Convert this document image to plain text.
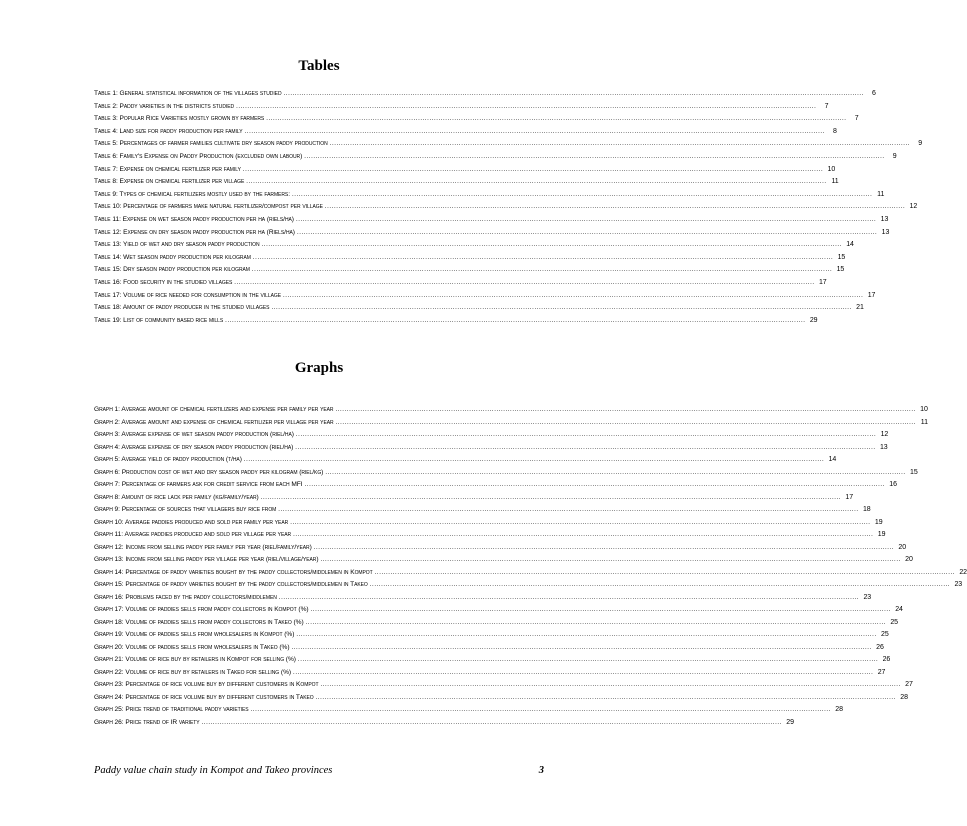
Tables
Table 1: General statistical information of the villages studied .....	6
Table 2: Paddy varieties in the districts studied .....	7
Table 3: Popular Rice Varieties mostly grown by farmers .....	7
Table 4: Land size for paddy production per family .....	8
Table 5: Percentages of farmer families cultivate dry season paddy production .....	9
Table 6: Family's Expense on Paddy Production (excluded own labour) .....	9
Table 7: Expense on chemical fertilizer per family .....	10
Table 8: Expense on chemical fertilizer per village .....	11
Table 9: Types of chemical fertilizers mostly used by the farmers: .....	11
Table 10: Percentage of farmers make natural fertilizer/compost per village .....	12
Table 11: Expense on wet season paddy production per ha (riels/ha) .....	13
Table 12: Expense on dry season paddy production per ha (Riels/ha) .....	13
Table 13: Yield of wet and dry season paddy production .....	14
Table 14: Wet season paddy production per kilogram .....	15
Table 15: Dry season paddy production per kilogram .....	15
Table 16: Food security in the studied villages .....	17
Table 17: Volume of rice needed for consumption in the village .....	17
Table 18: Amount of paddy producer in the studied villages .....	21
Table 19: List of community based rice mills .....	29
Graphs
Graph 1: Average amount of chemical fertilizers and expense per family per year .....	10
Graph 2: Average amount and expense of chemical fertilizer per village per year .....	11
Graph 3: Average expense of wet season paddy production (riel/ha) .....	12
Graph 4: Average expense of dry season paddy production (riel/ha) .....	13
Graph 5: Average yield of paddy production (t/ha) .....	14
Graph 6: Production cost of wet and dry season paddy per kilogram (riel/kg) .....	15
Graph 7: Percentage of farmers ask for credit service from each MFI .....	16
Graph 8: Amount of rice lack per family (kg/family/year) .....	17
Graph 9: Percentage of sources that villagers buy rice from .....	18
Graph 10: Average paddies produced and sold per family per year .....	19
Graph 11: Average paddies produced and sold per village per year .....	19
Graph 12: Income from selling paddy per family per year (riel/family/year) .....	20
Graph 13: Income from selling paddy per village per year (riel/village/year) .....	20
Graph 14: Percentage of paddy varieties bought by the paddy collectors/middlemen in Kompot .....	22
Graph 15: Percentage of paddy varieties bought by the paddy collectors/middlemen in Takeo .....	23
Graph 16: Problems faced by the paddy collectors/middlemen .....	23
Graph 17: Volume of paddies sells from paddy collectors in Kompot (%) .....	24
Graph 18: Volume of paddies sells from paddy collectors in Takeo (%) .....	25
Graph 19: Volume of paddies sells from wholesalers in Kompot (%) .....	25
Graph 20: Volume of paddies sells from wholesalers in Takeo (%) .....	26
Graph 21: Volume of rice buy by retailers in Kompot for selling (%) .....	26
Graph 22: Volume of rice buy by retailers in Takeo for selling (%) .....	27
Graph 23: Percentage of rice volume buy by different customers in Kompot .....	27
Graph 24: Percentage of rice volume buy by different customers in Takeo .....	28
Graph 25: Price trend of traditional paddy varieties .....	28
Graph 26: Price trend of IR variety .....	29
Paddy value chain study in Kompot and Takeo provinces	3
